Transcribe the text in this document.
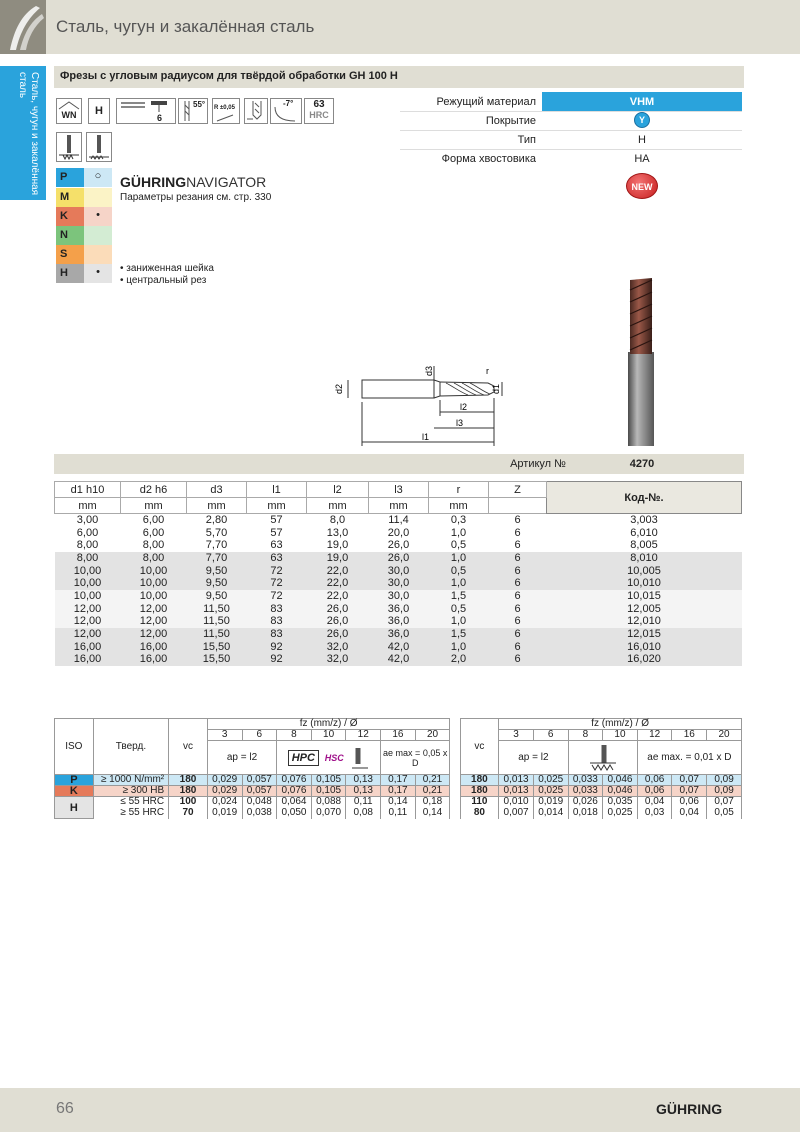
Сталь, чугун и закалённая сталь
Сталь, чугун и закалённая сталь	Фрезы с угловым радиусом для твёрдой обработки GH 100 H
WN	H
6
55° R ±0,05	-7°	63
HRC
P	○
M
K	•
N
S
H	•
GÜHRINGNAVIGATOR
Параметры резания см. стр. 330
• заниженная шейка
• центральный рез
Режущий материал	VHM
Покрытие	Y
Тип	H
Форма хвостовика	HA
NEW
d2
d3
d1
r
l2
l3
l1
Артикул №	4270
d1 h10	d2 h6	d3	l1	l2	l3	r	Z	Код-№.
mm	mm	mm	mm	mm	mm	mm		
3,00	6,00	2,80	57	8,0	11,4	0,3	6	3,003
6,00	6,00	5,70	57	13,0	20,0	1,0	6	6,010
8,00	8,00	7,70	63	19,0	26,0	0,5	6	8,005
8,00	8,00	7,70	63	19,0	26,0	1,0	6	8,010
10,00	10,00	9,50	72	22,0	30,0	0,5	6	10,005
10,00	10,00	9,50	72	22,0	30,0	1,0	6	10,010
10,00	10,00	9,50	72	22,0	30,0	1,5	6	10,015
12,00	12,00	11,50	83	26,0	36,0	0,5	6	12,005
12,00	12,00	11,50	83	26,0	36,0	1,0	6	12,010
12,00	12,00	11,50	83	26,0	36,0	1,5	6	12,015
16,00	16,00	15,50	92	32,0	42,0	1,0	6	16,010
16,00	16,00	15,50	92	32,0	42,0	2,0	6	16,020
ISO	Тверд.	vc	fz (mm/z) / Ø								vc	fz (mm/z) / Ø						
			3	6	8	10	12	16	20			3	6	8	10	12	16	20
			ap = l2		HPC HSC			ae max = 0,05 x D				ap = l2				ae max. = 0,01 x D		
P	≥ 1000 N/mm²	180	0,029	0,057	0,076	0,105	0,13	0,17	0,21		180	0,013	0,025	0,033	0,046	0,06	0,07	0,09
K	≥ 300 HB	180	0,029	0,057	0,076	0,105	0,13	0,17	0,21		180	0,013	0,025	0,033	0,046	0,06	0,07	0,09
H	≤ 55 HRC	100	0,024	0,048	0,064	0,088	0,11	0,14	0,18		110	0,010	0,019	0,026	0,035	0,04	0,06	0,07
	≥ 55 HRC	70	0,019	0,038	0,050	0,070	0,08	0,11	0,14		80	0,007	0,014	0,018	0,025	0,03	0,04	0,05
66	GÜHRING
